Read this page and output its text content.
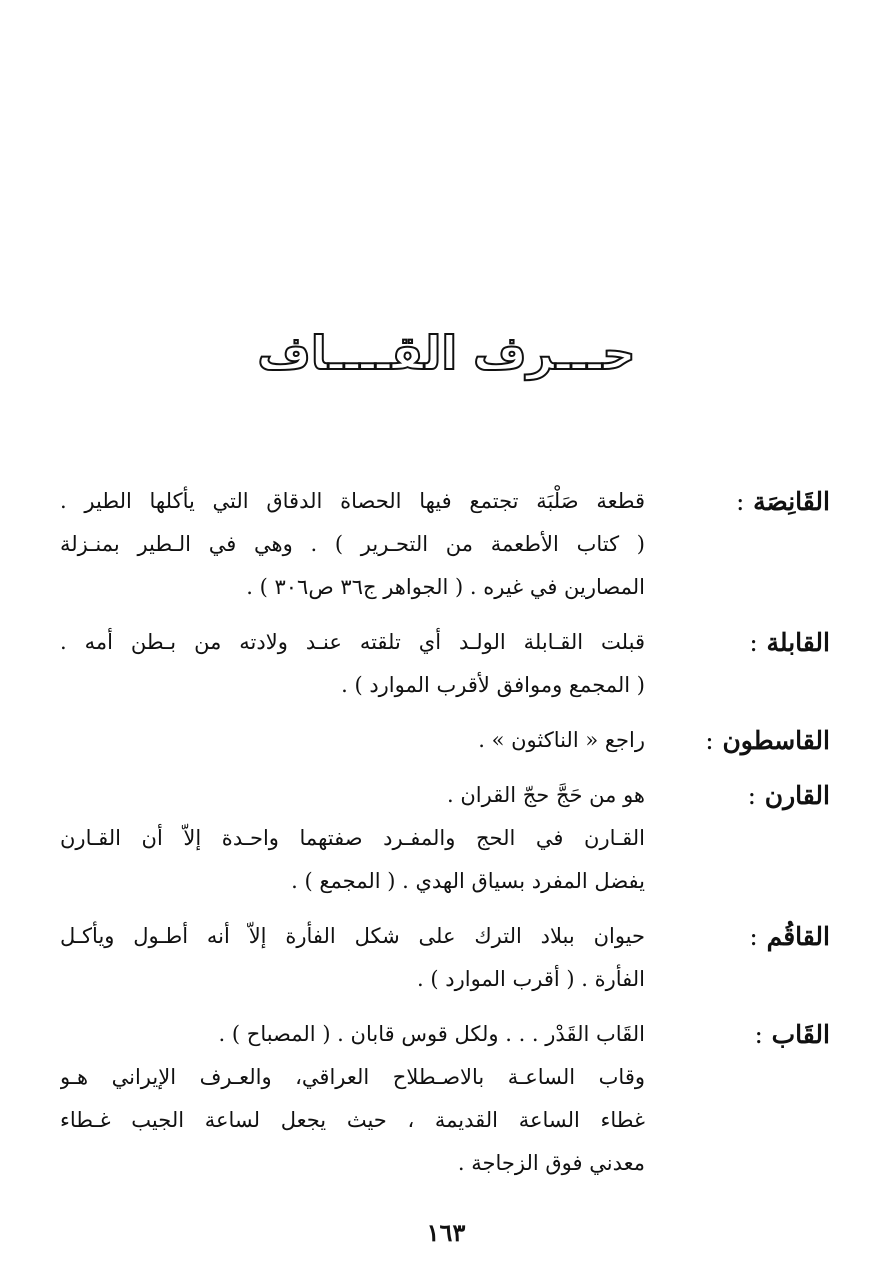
حـــرف القــــاف
القَانِصَة :
قطعة صَلْبَة تجتمع فيها الحصاة الدقاق التي يأكلها الطير .
( كتاب الأطعمة من التحـرير ) . وهي في الـطير بمنـزلة
المصارين في غيره . ( الجواهر ج٣٦ ص٣٠٦ ) .
القابلة :
قبلت القـابلة الولـد أي تلقته عنـد ولادته من بـطن أمه .
( المجمع وموافق لأقرب الموارد ) .
القاسطون :
راجع « الناكثون » .
القارن :
هو من حَجَّ حجّ القران .
القـارن في الحج والمفـرد صفتهما واحـدة إلاّ أن القـارن
يفضل المفرد بسياق الهدي . ( المجمع ) .
القاقُم :
حيوان ببلاد الترك على شكل الفأرة إلاّ أنه أطـول ويأكـل
الفأرة . ( أقرب الموارد ) .
القَاب :
القَاب القَدْر . . . ولكل قوس قابان . ( المصباح ) .
وقاب الساعـة بالاصـطلاح العراقي، والعـرف الإيراني هـو
غطاء الساعة القديمة ، حيث يجعل لساعة الجيب غـطاء
معدني فوق الزجاجة .
١٦٣
